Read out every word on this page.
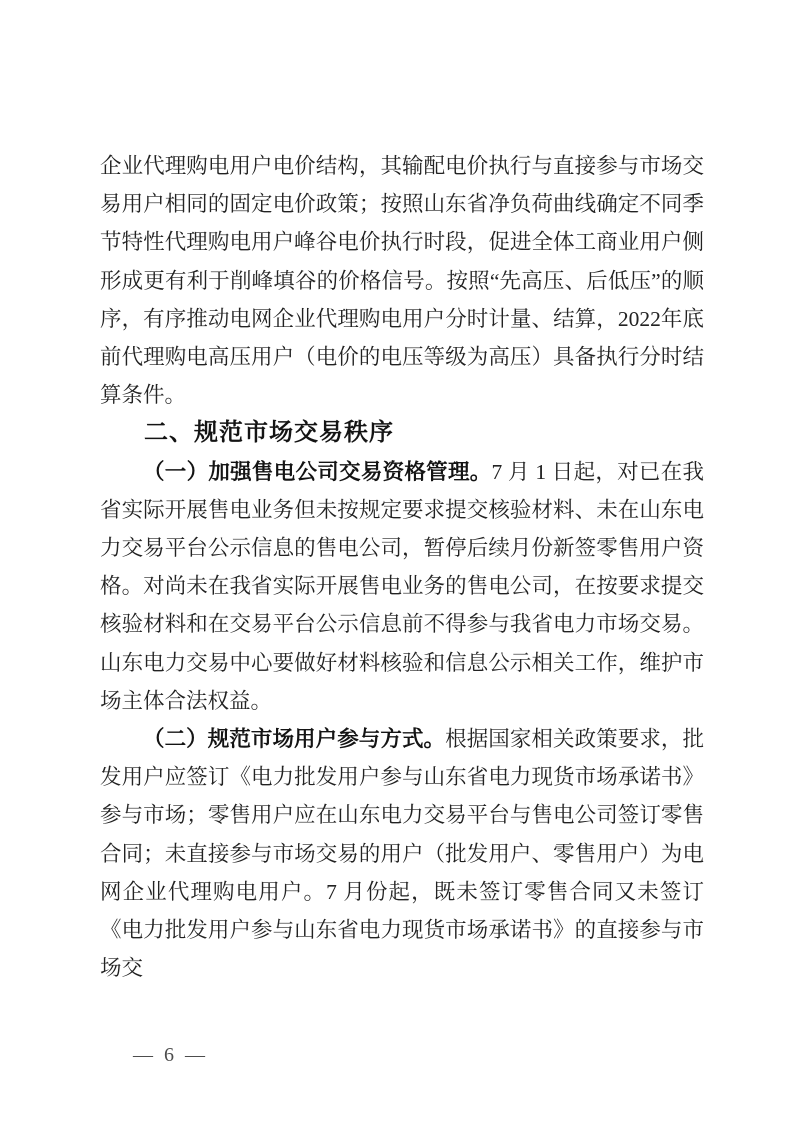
企业代理购电用户电价结构，其输配电价执行与直接参与市场交易用户相同的固定电价政策；按照山东省净负荷曲线确定不同季节特性代理购电用户峰谷电价执行时段，促进全体工商业用户侧形成更有利于削峰填谷的价格信号。按照“先高压、后低压”的顺序，有序推动电网企业代理购电用户分时计量、结算，2022年底前代理购电高压用户（电价的电压等级为高压）具备执行分时结算条件。

二、规范市场交易秩序

（一）加强售电公司交易资格管理。7 月 1 日起，对已在我省实际开展售电业务但未按规定要求提交核验材料、未在山东电力交易平台公示信息的售电公司，暂停后续月份新签零售用户资格。对尚未在我省实际开展售电业务的售电公司，在按要求提交核验材料和在交易平台公示信息前不得参与我省电力市场交易。山东电力交易中心要做好材料核验和信息公示相关工作，维护市场主体合法权益。

（二）规范市场用户参与方式。根据国家相关政策要求，批发用户应签订《电力批发用户参与山东省电力现货市场承诺书》参与市场；零售用户应在山东电力交易平台与售电公司签订零售合同；未直接参与市场交易的用户（批发用户、零售用户）为电网企业代理购电用户。7 月份起，既未签订零售合同又未签订《电力批发用户参与山东省电力现货市场承诺书》的直接参与市场交

— 6 —
